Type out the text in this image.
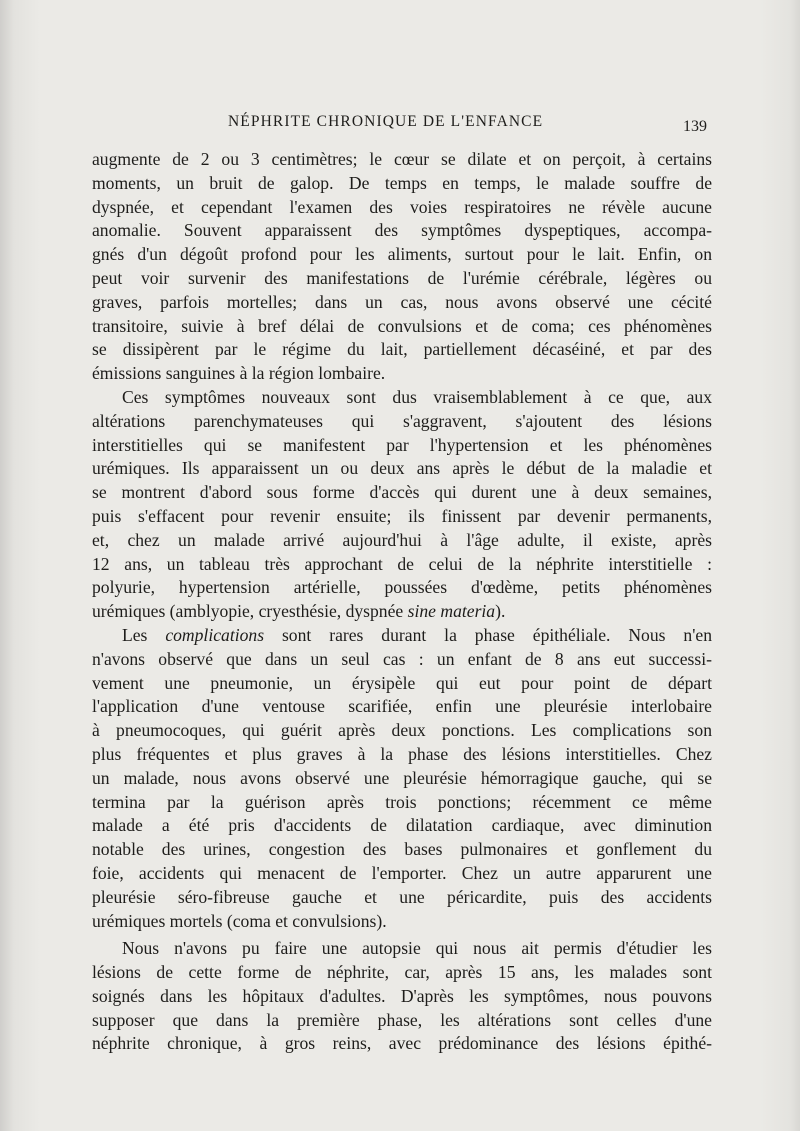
NÉPHRITE CHRONIQUE DE L'ENFANCE	139
augmente de 2 ou 3 centimètres; le cœur se dilate et on perçoit, à certains
moments, un bruit de galop. De temps en temps, le malade souffre de
dyspnée, et cependant l'examen des voies respiratoires ne révèle aucune
anomalie. Souvent apparaissent des symptômes dyspeptiques, accompa-
gnés d'un dégoût profond pour les aliments, surtout pour le lait. Enfin, on
peut voir survenir des manifestations de l'urémie cérébrale, légères ou
graves, parfois mortelles; dans un cas, nous avons observé une cécité
transitoire, suivie à bref délai de convulsions et de coma; ces phénomènes
se dissipèrent par le régime du lait, partiellement décaséiné, et par des
émissions sanguines à la région lombaire.
Ces symptômes nouveaux sont dus vraisemblablement à ce que, aux
altérations parenchymateuses qui s'aggravent, s'ajoutent des lésions
interstitielles qui se manifestent par l'hypertension et les phénomènes
urémiques. Ils apparaissent un ou deux ans après le début de la maladie et
se montrent d'abord sous forme d'accès qui durent une à deux semaines,
puis s'effacent pour revenir ensuite; ils finissent par devenir permanents,
et, chez un malade arrivé aujourd'hui à l'âge adulte, il existe, après
12 ans, un tableau très approchant de celui de la néphrite interstitielle :
polyurie, hypertension artérielle, poussées d'œdème, petits phénomènes
urémiques (amblyopie, cryesthésie, dyspnée sine materia).
Les complications sont rares durant la phase épithéliale. Nous n'en
n'avons observé que dans un seul cas : un enfant de 8 ans eut successi-
vement une pneumonie, un érysipèle qui eut pour point de départ
l'application d'une ventouse scarifiée, enfin une pleurésie interlobaire
à pneumocoques, qui guérit après deux ponctions. Les complications son
plus fréquentes et plus graves à la phase des lésions interstitielles. Chez
un malade, nous avons observé une pleurésie hémorragique gauche, qui se
termina par la guérison après trois ponctions; récemment ce même
malade a été pris d'accidents de dilatation cardiaque, avec diminution
notable des urines, congestion des bases pulmonaires et gonflement du
foie, accidents qui menacent de l'emporter. Chez un autre apparurent une
pleurésie séro-fibreuse gauche et une péricardite, puis des accidents
urémiques mortels (coma et convulsions).
Nous n'avons pu faire une autopsie qui nous ait permis d'étudier les
lésions de cette forme de néphrite, car, après 15 ans, les malades sont
soignés dans les hôpitaux d'adultes. D'après les symptômes, nous pouvons
supposer que dans la première phase, les altérations sont celles d'une
néphrite chronique, à gros reins, avec prédominance des lésions épithé-
